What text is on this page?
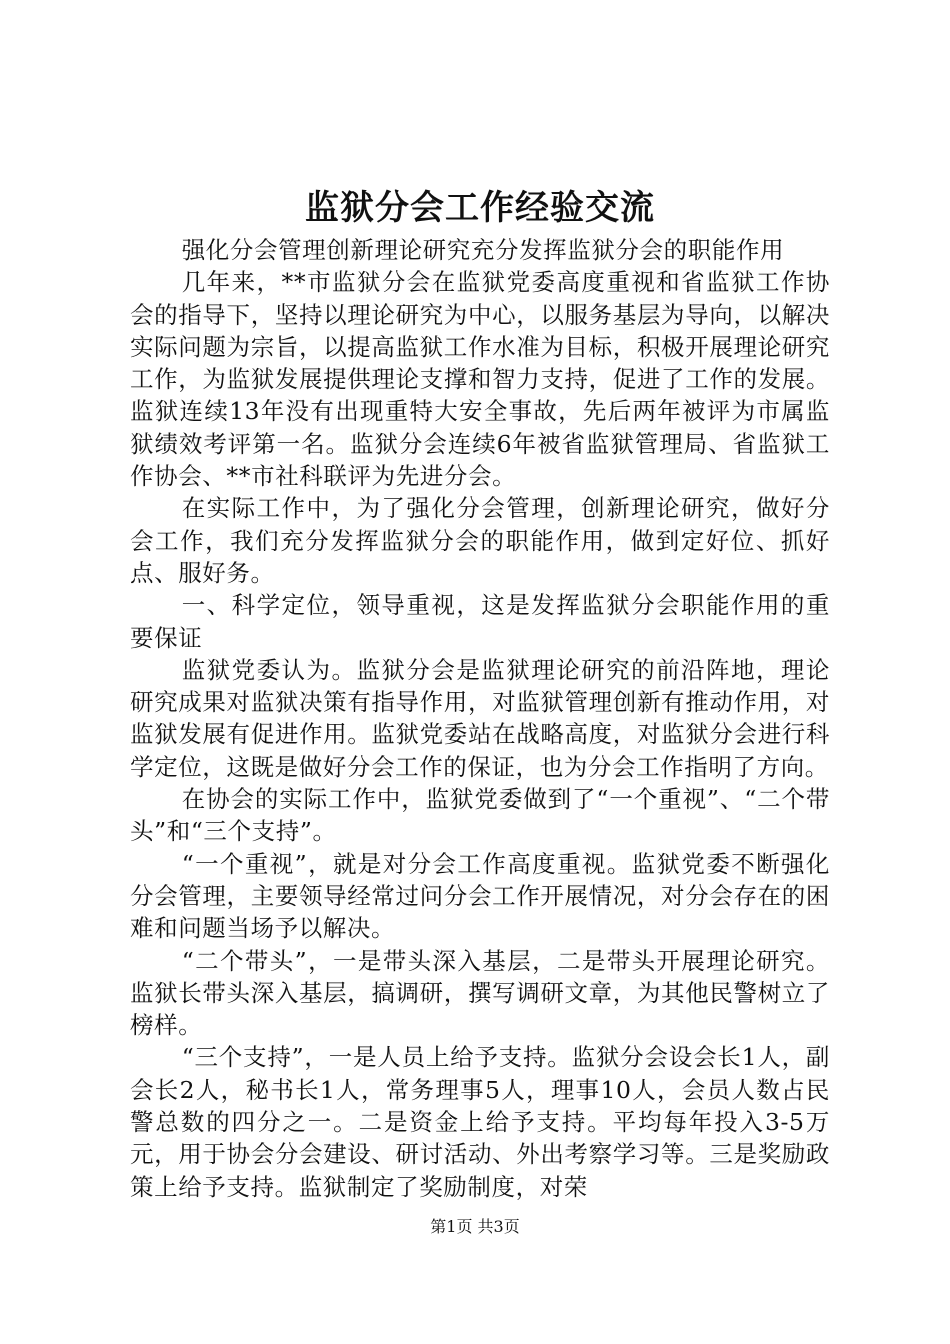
监狱分会工作经验交流

强化分会管理创新理论研究充分发挥监狱分会的职能作用

几年来，**市监狱分会在监狱党委高度重视和省监狱工作协会的指导下，坚持以理论研究为中心，以服务基层为导向，以解决实际问题为宗旨，以提高监狱工作水准为目标，积极开展理论研究工作，为监狱发展提供理论支撑和智力支持，促进了工作的发展。监狱连续13年没有出现重特大安全事故，先后两年被评为市属监狱绩效考评第一名。监狱分会连续6年被省监狱管理局、省监狱工作协会、**市社科联评为先进分会。

在实际工作中，为了强化分会管理，创新理论研究，做好分会工作，我们充分发挥监狱分会的职能作用，做到定好位、抓好点、服好务。

一、科学定位，领导重视，这是发挥监狱分会职能作用的重要保证

监狱党委认为。监狱分会是监狱理论研究的前沿阵地，理论研究成果对监狱决策有指导作用，对监狱管理创新有推动作用，对监狱发展有促进作用。监狱党委站在战略高度，对监狱分会进行科学定位，这既是做好分会工作的保证，也为分会工作指明了方向。

在协会的实际工作中，监狱党委做到了“一个重视”、“二个带头”和“三个支持”。

“一个重视”，就是对分会工作高度重视。监狱党委不断强化分会管理，主要领导经常过问分会工作开展情况，对分会存在的困难和问题当场予以解决。

“二个带头”，一是带头深入基层，二是带头开展理论研究。监狱长带头深入基层，搞调研，撰写调研文章，为其他民警树立了榜样。

“三个支持”，一是人员上给予支持。监狱分会设会长1人，副会长2人，秘书长1人，常务理事5人，理事10人，会员人数占民警总数的四分之一。二是资金上给予支持。平均每年投入3-5万元，用于协会分会建设、研讨活动、外出考察学习等。三是奖励政策上给予支持。监狱制定了奖励制度，对荣

第1页 共3页
